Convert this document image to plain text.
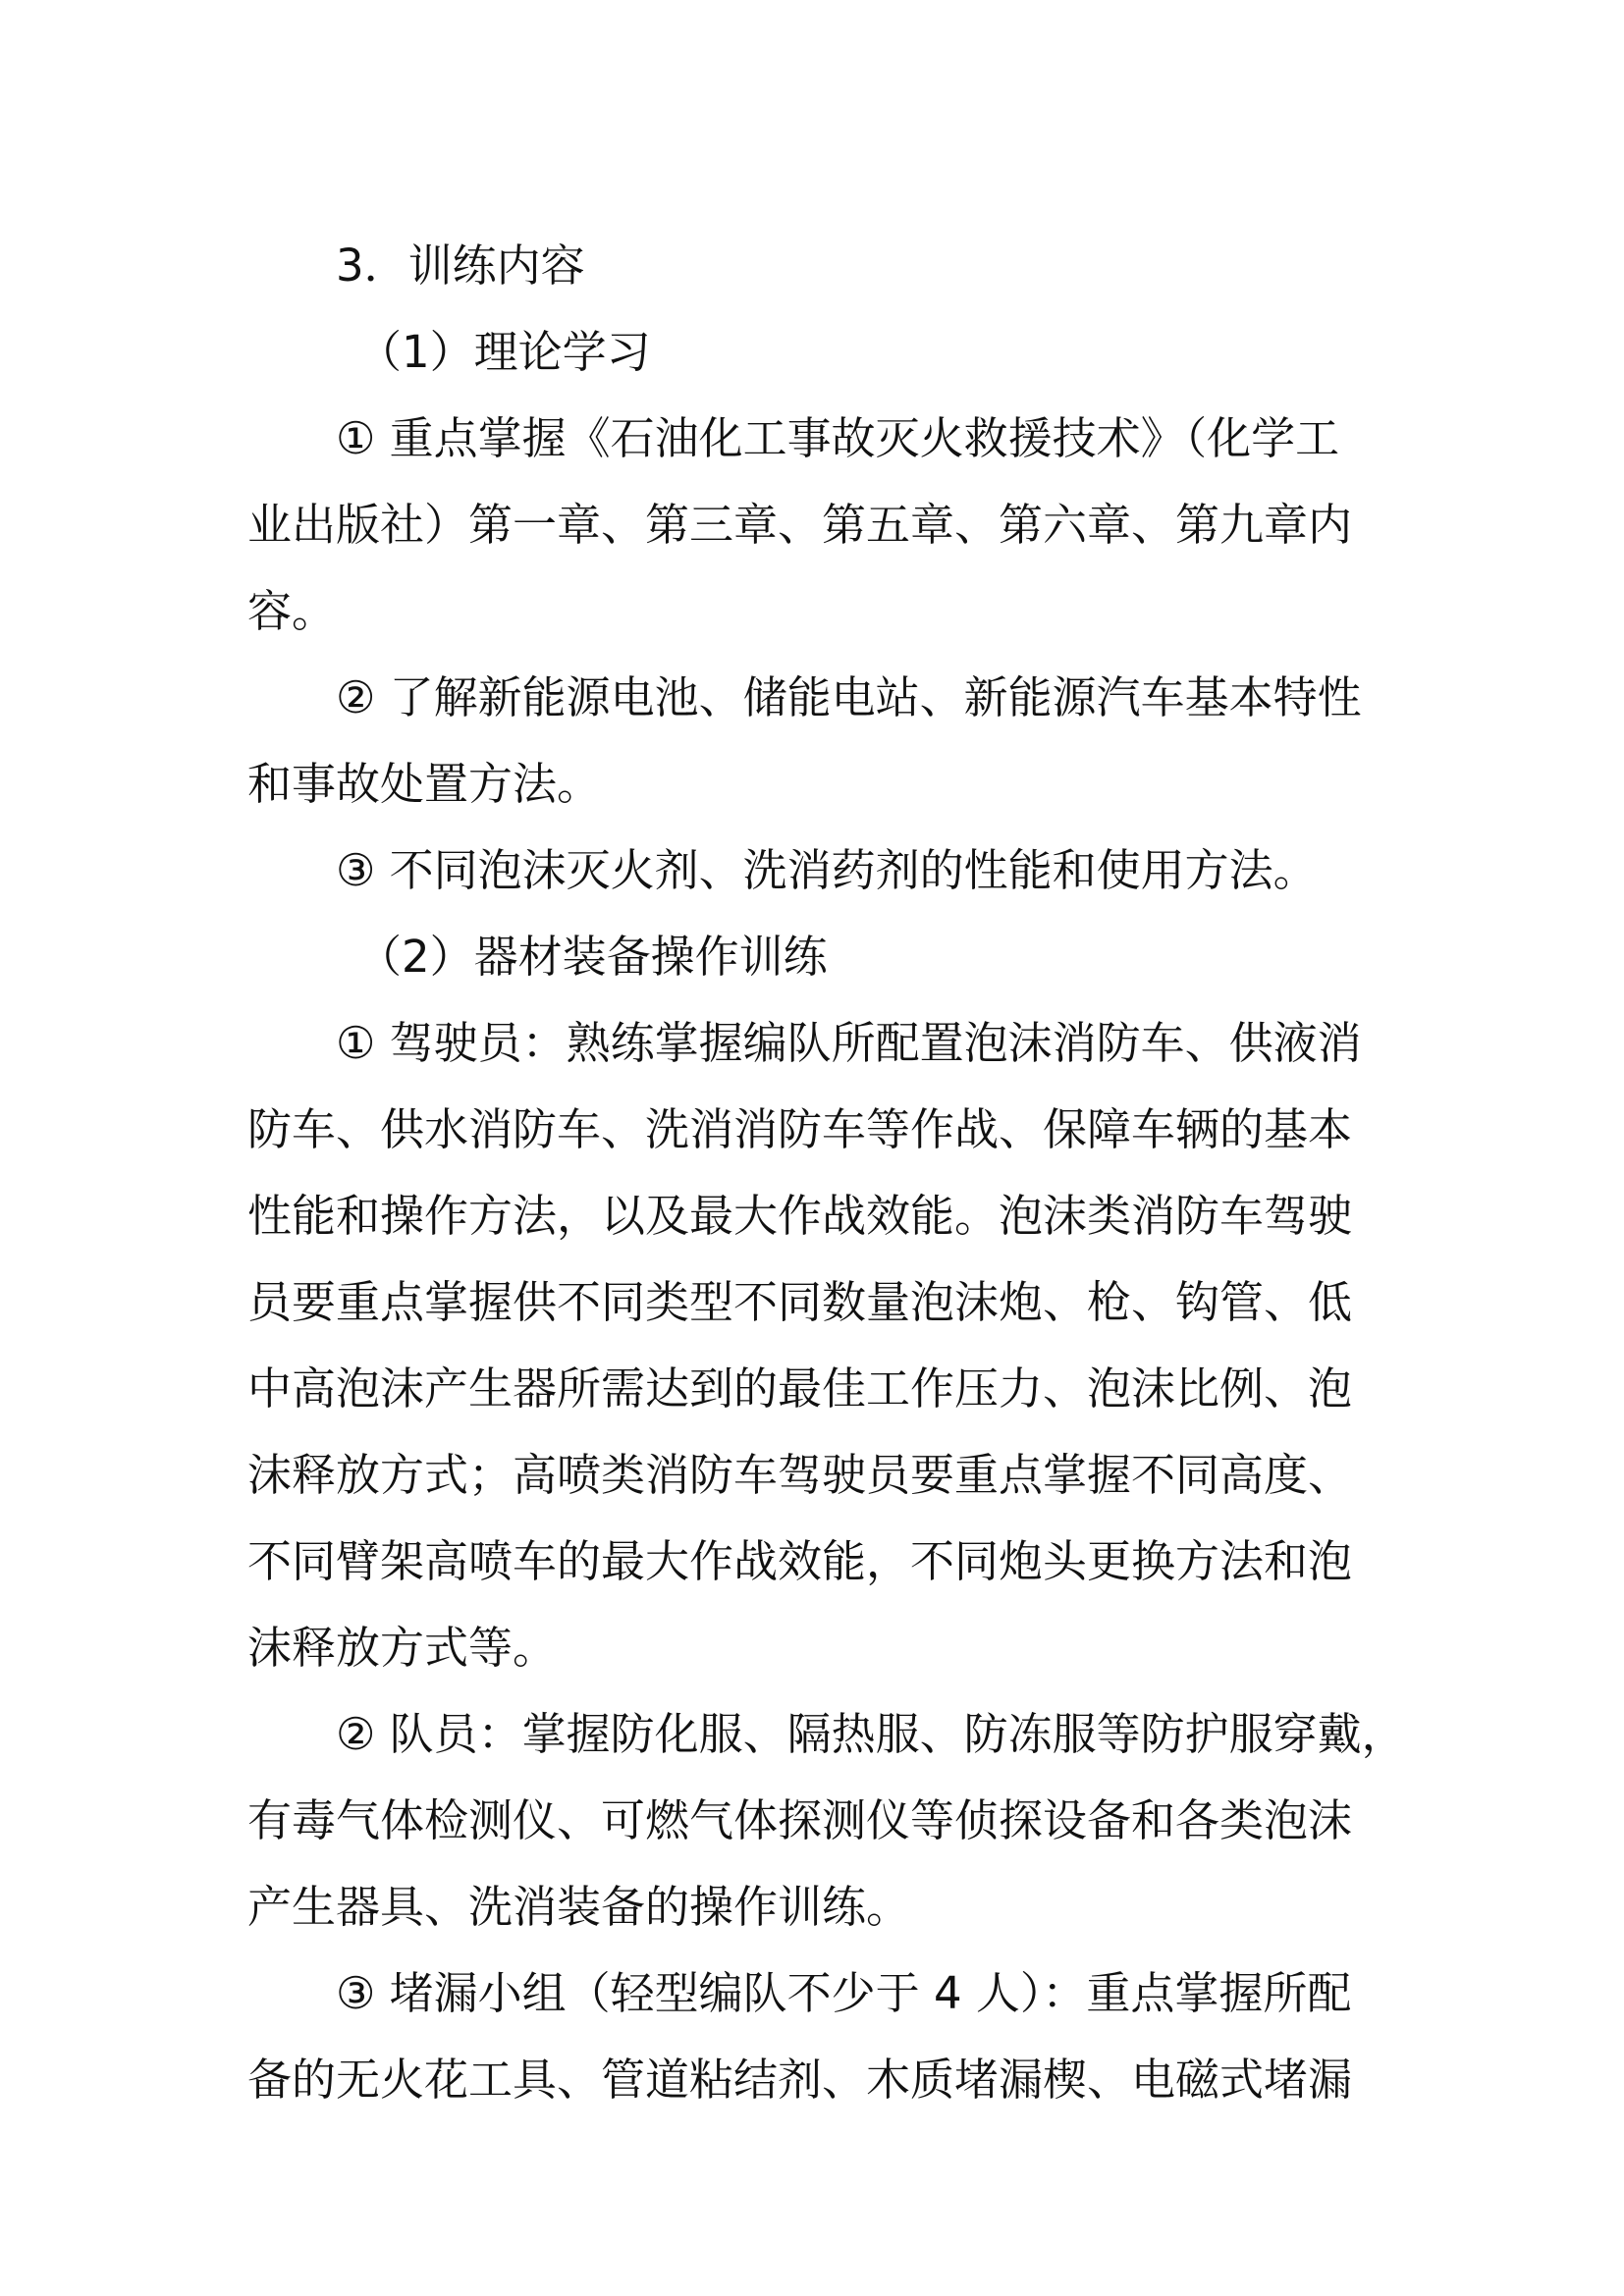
3．训练内容
（1）理论学习
① 重点掌握《石油化工事故灭火救援技术》（化学工
业出版社）第一章、第三章、第五章、第六章、第九章内
容。
② 了解新能源电池、储能电站、新能源汽车基本特性
和事故处置方法。
③ 不同泡沫灭火剂、洗消药剂的性能和使用方法。
（2）器材装备操作训练
① 驾驶员：熟练掌握编队所配置泡沫消防车、供液消
防车、供水消防车、洗消消防车等作战、保障车辆的基本
性能和操作方法，以及最大作战效能。泡沫类消防车驾驶
员要重点掌握供不同类型不同数量泡沫炮、枪、钩管、低
中高泡沫产生器所需达到的最佳工作压力、泡沫比例、泡
沫释放方式；高喷类消防车驾驶员要重点掌握不同高度、
不同臂架高喷车的最大作战效能，不同炮头更换方法和泡
沫释放方式等。
② 队员：掌握防化服、隔热服、防冻服等防护服穿戴，
有毒气体检测仪、可燃气体探测仪等侦探设备和各类泡沫
产生器具、洗消装备的操作训练。
③ 堵漏小组（轻型编队不少于 4 人）：重点掌握所配
备的无火花工具、管道粘结剂、木质堵漏楔、电磁式堵漏
